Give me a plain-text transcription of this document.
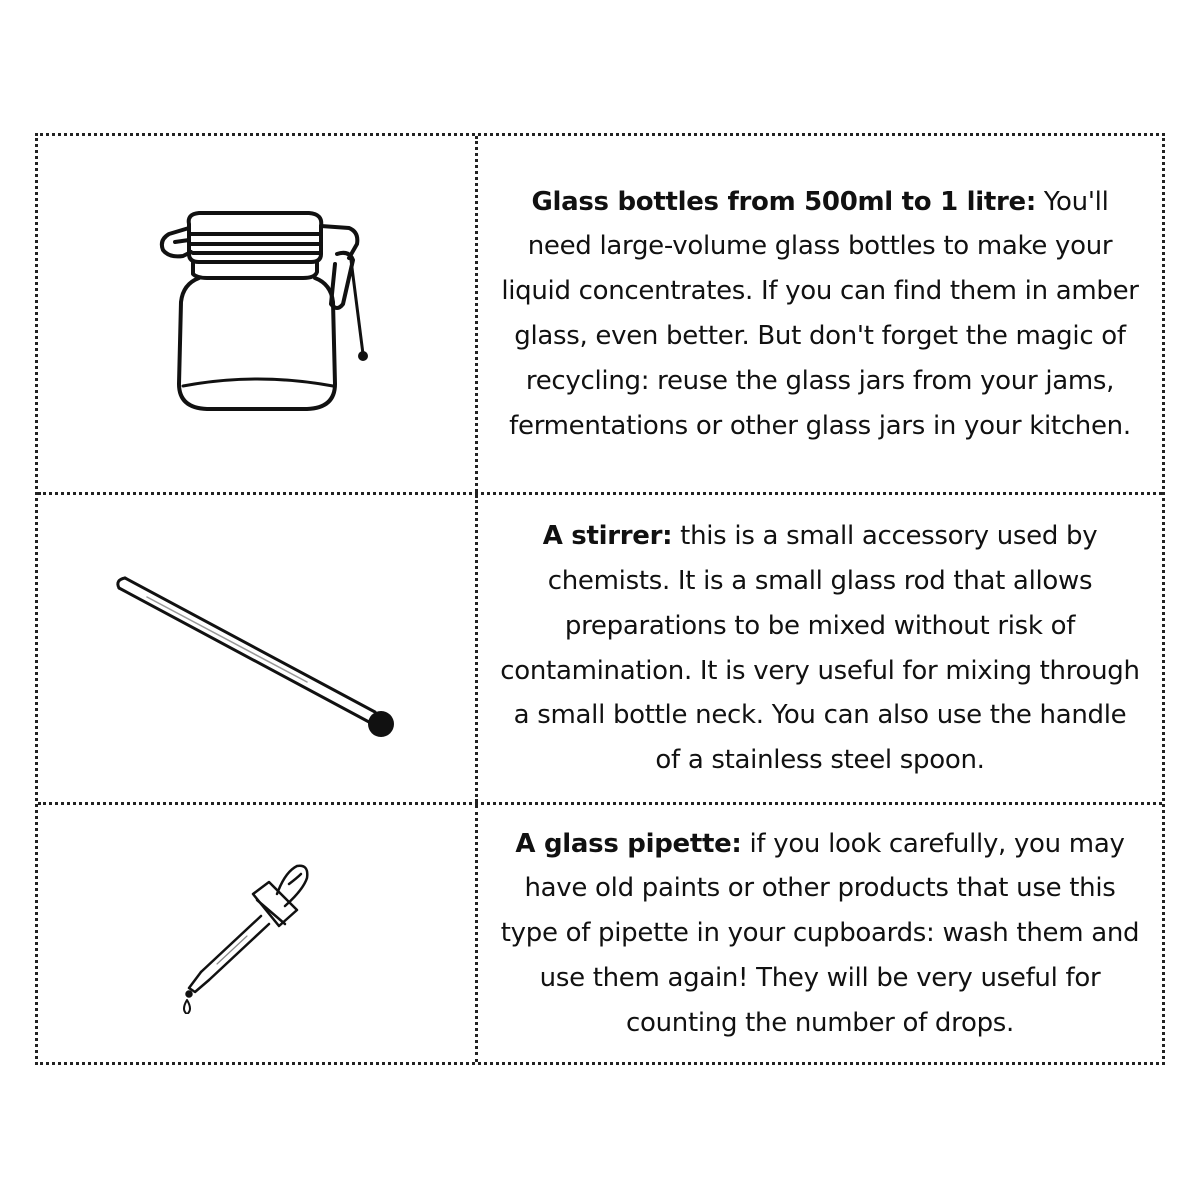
Glass bottles from 500ml to 1 litre: You'll need large-volume glass bottles to make your liquid concentrates. If you can find them in amber glass, even better. But don't forget the magic of recycling: reuse the glass jars from your jams, fermentations or other glass jars in your kitchen.

A stirrer: this is a small accessory used by chemists. It is a small glass rod that allows preparations to be mixed without risk of contamination. It is very useful for mixing through a small bottle neck. You can also use the handle of a stainless steel spoon.

A glass pipette: if you look carefully, you may have old paints or other products that use this type of pipette in your cupboards: wash them and use them again! They will be very useful for counting the number of drops.
